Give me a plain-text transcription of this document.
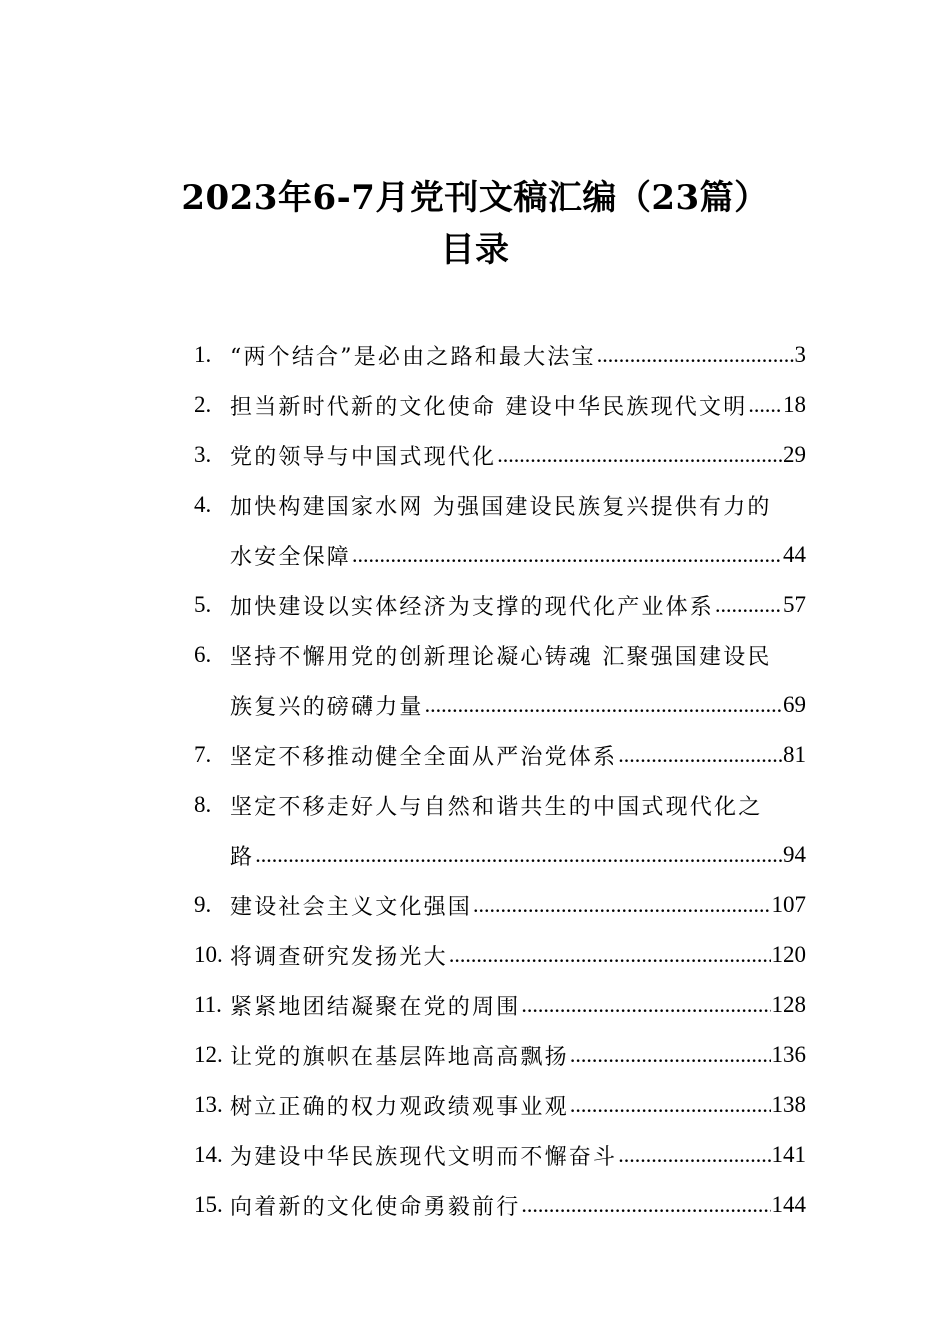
2023年6-7月党刊文稿汇编（23篇）
目录
1. “两个结合”是必由之路和最大法宝 .....	3
2. 担当新时代新的文化使命 建设中华民族现代文明 ..... 18
3. 党的领导与中国式现代化 .....	29
4. 加快构建国家水网 为强国建设民族复兴提供有力的
水安全保障 .....	44
5. 加快建设以实体经济为支撑的现代化产业体系 .....	57
6. 坚持不懈用党的创新理论凝心铸魂 汇聚强国建设民
族复兴的磅礴力量 .....	69
7. 坚定不移推动健全全面从严治党体系 .....	81
8. 坚定不移走好人与自然和谐共生的中国式现代化之
路 .....	94
9. 建设社会主义文化强国 .....	107
10. 将调查研究发扬光大 .....	120
11. 紧紧地团结凝聚在党的周围 .....	128
12. 让党的旗帜在基层阵地高高飘扬 .....	136
13. 树立正确的权力观政绩观事业观 .....	138
14. 为建设中华民族现代文明而不懈奋斗 .....	141
15. 向着新的文化使命勇毅前行 .....	144
